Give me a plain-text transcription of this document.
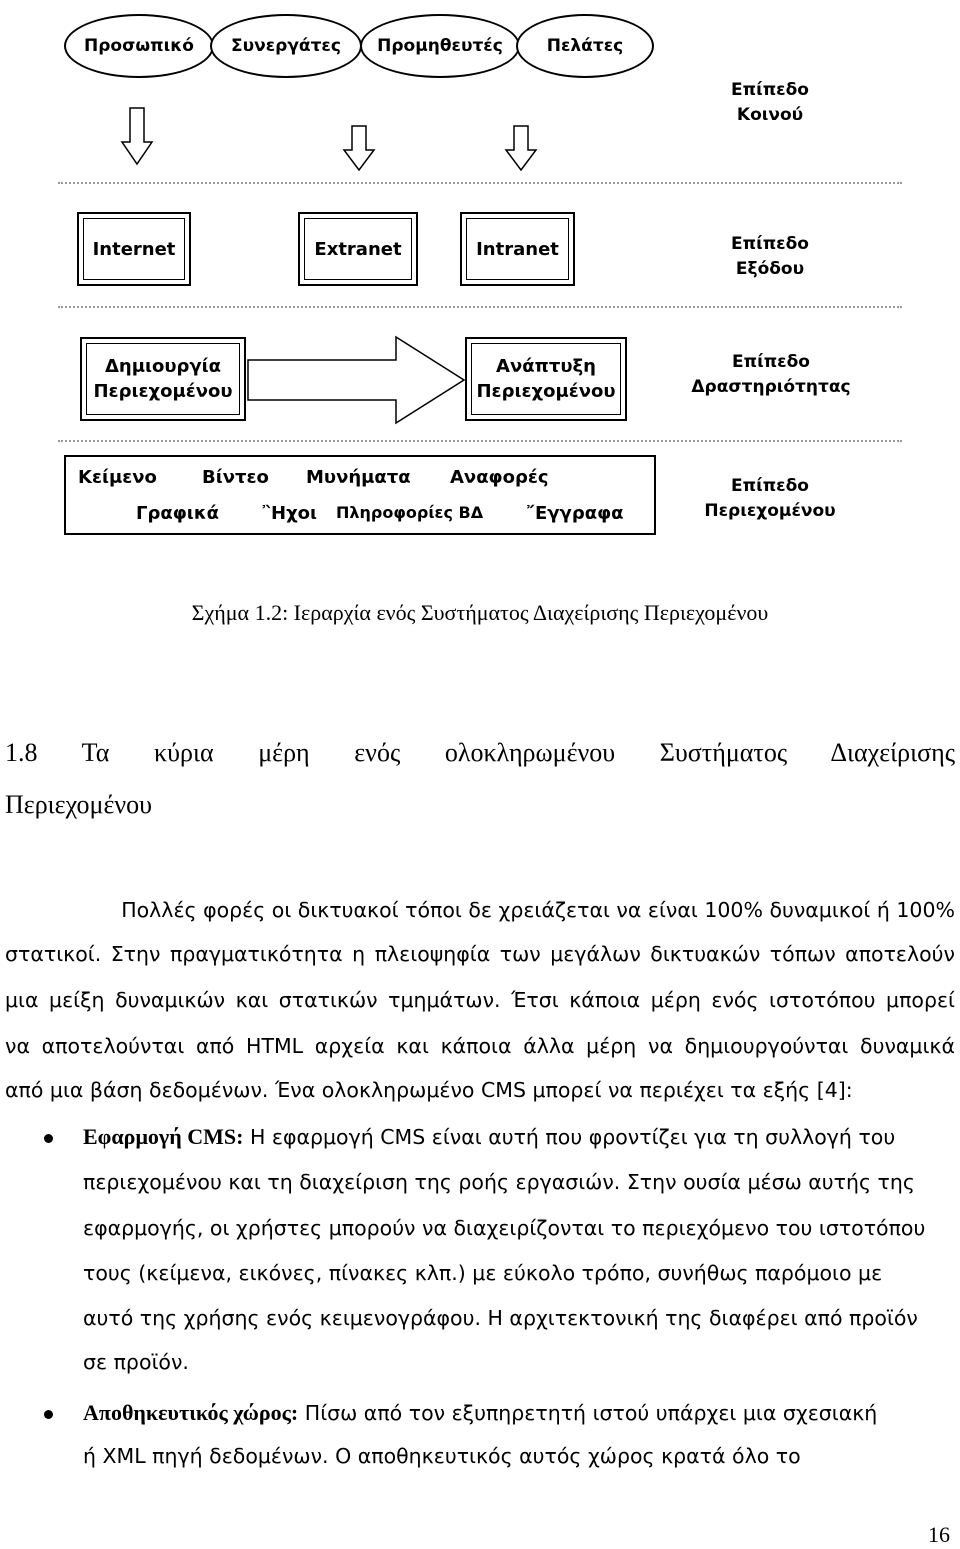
Προσωπικό	Συνεργάτες	Προμηθευτές	Πελάτες
Επίπεδο
Κοινού
Internet	Extranet	Intranet	Επίπεδο
Εξόδου
Δημιουργία
Περιεχομένου
Ανάπτυξη
Περιεχομένου
Επίπεδο
Δραστηριότητας
Κείμενο	Βίντεο Μυνήματα Αναφορές
Γραφικά ῍Ηχοι Πληροφορίες ΒΔ ῎Εγγραφα
Επίπεδο
Περιεχομένου
Σχήμα 1.2: Ιεραρχία ενός Συστήματος Διαχείρισης Περιεχομένου
1.8 Τα κύρια μέρη ενός ολοκληρωμένου Συστήματος Διαχείρισης
Περιεχομένου
Πολλές φορές οι δικτυακοί τόποι δε χρειάζεται να είναι 100% δυναμικοί ή 100%
στατικοί. Στην πραγματικότητα η πλειοψηφία των μεγάλων δικτυακών τόπων αποτελούν
μια μείξη δυναμικών και στατικών τμημάτων. Έτσι κάποια μέρη ενός ιστοτόπου μπορεί
να αποτελούνται από HTML αρχεία και κάποια άλλα μέρη να δημιουργούνται δυναμικά
από μια βάση δεδομένων. Ένα ολοκληρωμένο CMS μπορεί να περιέχει τα εξής [4]:
Εφαρμογή CMS: Η εφαρμογή CMS είναι αυτή που φροντίζει για τη συλλογή του
περιεχομένου και τη διαχείριση της ροής εργασιών. Στην ουσία μέσω αυτής της
εφαρμογής, οι χρήστες μπορούν να διαχειρίζονται το περιεχόμενο του ιστοτόπου
τους (κείμενα, εικόνες, πίνακες κλπ.) με εύκολο τρόπο, συνήθως παρόμοιο με
αυτό της χρήσης ενός κειμενογράφου. Η αρχιτεκτονική της διαφέρει από προϊόν
σε προϊόν.
Αποθηκευτικός χώρος: Πίσω από τον εξυπηρετητή ιστού υπάρχει μια σχεσιακή
ή XML πηγή δεδομένων. Ο αποθηκευτικός αυτός χώρος κρατά όλο το
16
